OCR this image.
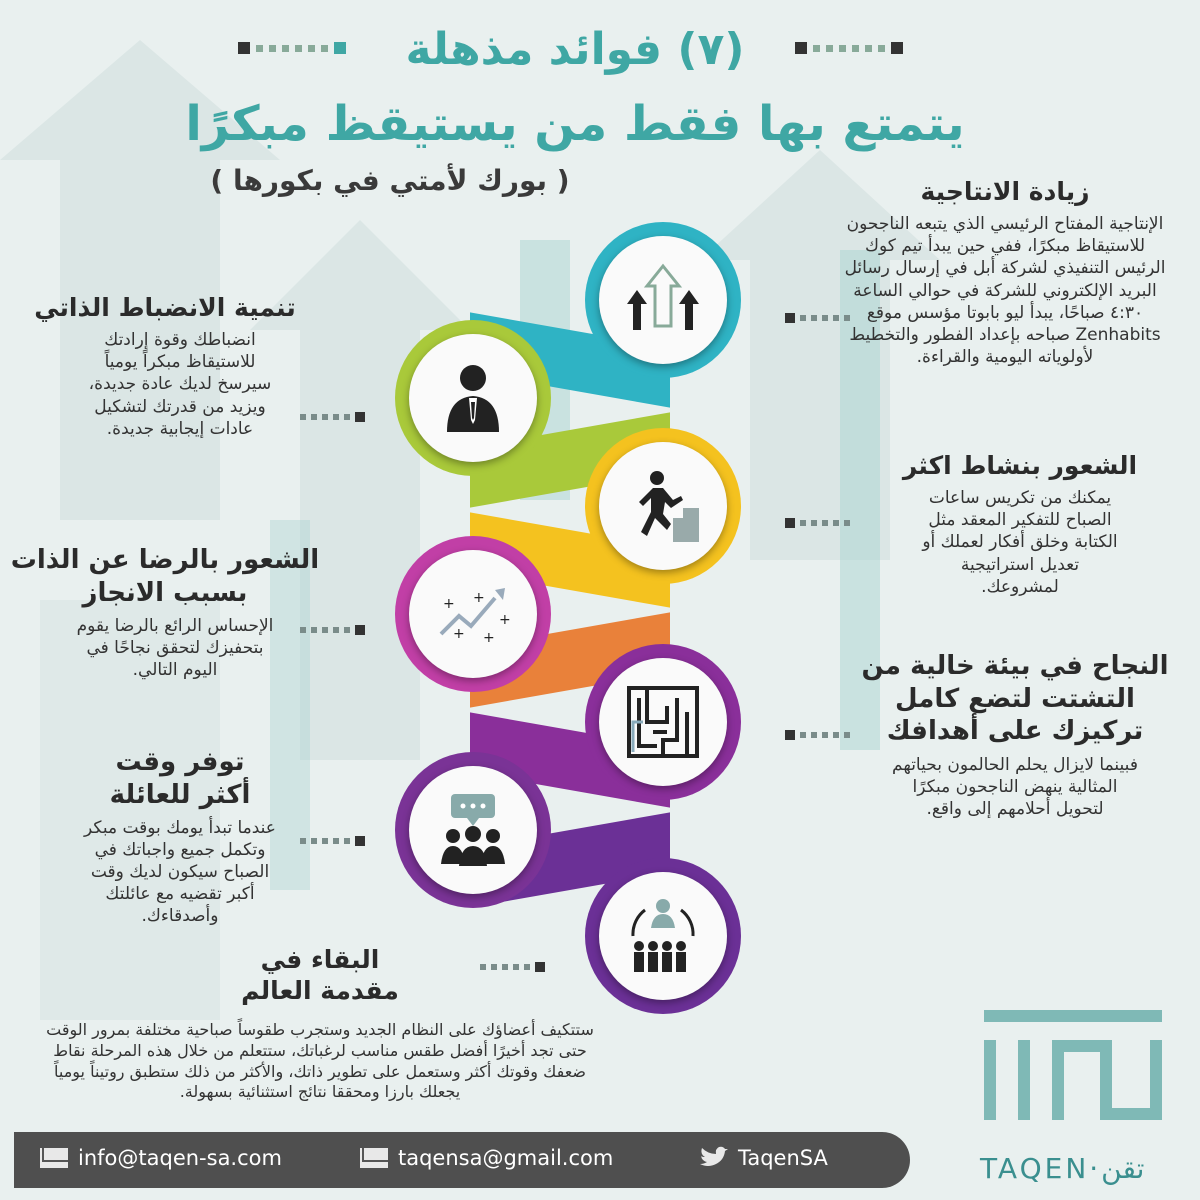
(٧) فوائد مذهلة
يتمتع بها فقط من يستيقظ مبكرًا
( بورك لأمتي في بكورها )
+ +
+ +
+
زيادة الانتاجية

الإنتاجية المفتاح الرئيسي الذي يتبعه الناجحون للاستيقاظ مبكرًا، ففي حين يبدأ تيم كوك الرئيس التنفيذي لشركة أبل في إرسال رسائل البريد الإلكتروني للشركة في حوالي الساعة ٤:٣٠ صباحًا، يبدأ ليو بابوتا مؤسس موقع Zenhabits صباحه بإعداد الفطور والتخطيط لأولوياته اليومية والقراءة.

تنمية الانضباط الذاتي

انضباطك وقوة إرادتك للاستيقاظ مبكراً يومياً سيرسخ لديك عادة جديدة، ويزيد من قدرتك لتشكيل عادات إيجابية جديدة.

الشعور بنشاط اكثر

يمكنك من تكريس ساعات الصباح للتفكير المعقد مثل الكتابة وخلق أفكار لعملك أو تعديل استراتيجية لمشروعك.

الشعور بالرضا عن الذات بسبب الانجاز

الإحساس الرائع بالرضا يقوم بتحفيزك لتحقق نجاحًا في اليوم التالي.	النجاح في بيئة خالية من التشتت لتضع كامل تركيزك على أهدافك

فبينما لايزال يحلم الحالمون بحياتهم المثالية ينهض الناجحون مبكرًا لتحويل أحلامهم إلى واقع.

توفر وقت أكثر للعائلة

عندما تبدأ يومك بوقت مبكر وتكمل جميع واجباتك في الصباح سيكون لديك وقت أكبر تقضيه مع عائلتك وأصدقاءك.

البقاء في مقدمة العالم
ستتكيف أعضاؤك على النظام الجديد وستجرب طقوساً صباحية مختلفة بمرور الوقت حتى تجد أخيرًا أفضل طقس مناسب لرغباتك، ستتعلم من خلال هذه المرحلة نقاط ضعفك وقوتك أكثر وستعمل على تطوير ذاتك، والأكثر من ذلك ستطبق روتيناً يومياً يجعلك بارزا ومحققا نتائج استثنائية بسهولة.
TAQEN·تقن
info@taqen-sa.com	taqensa@gmail.com	TaqenSA
